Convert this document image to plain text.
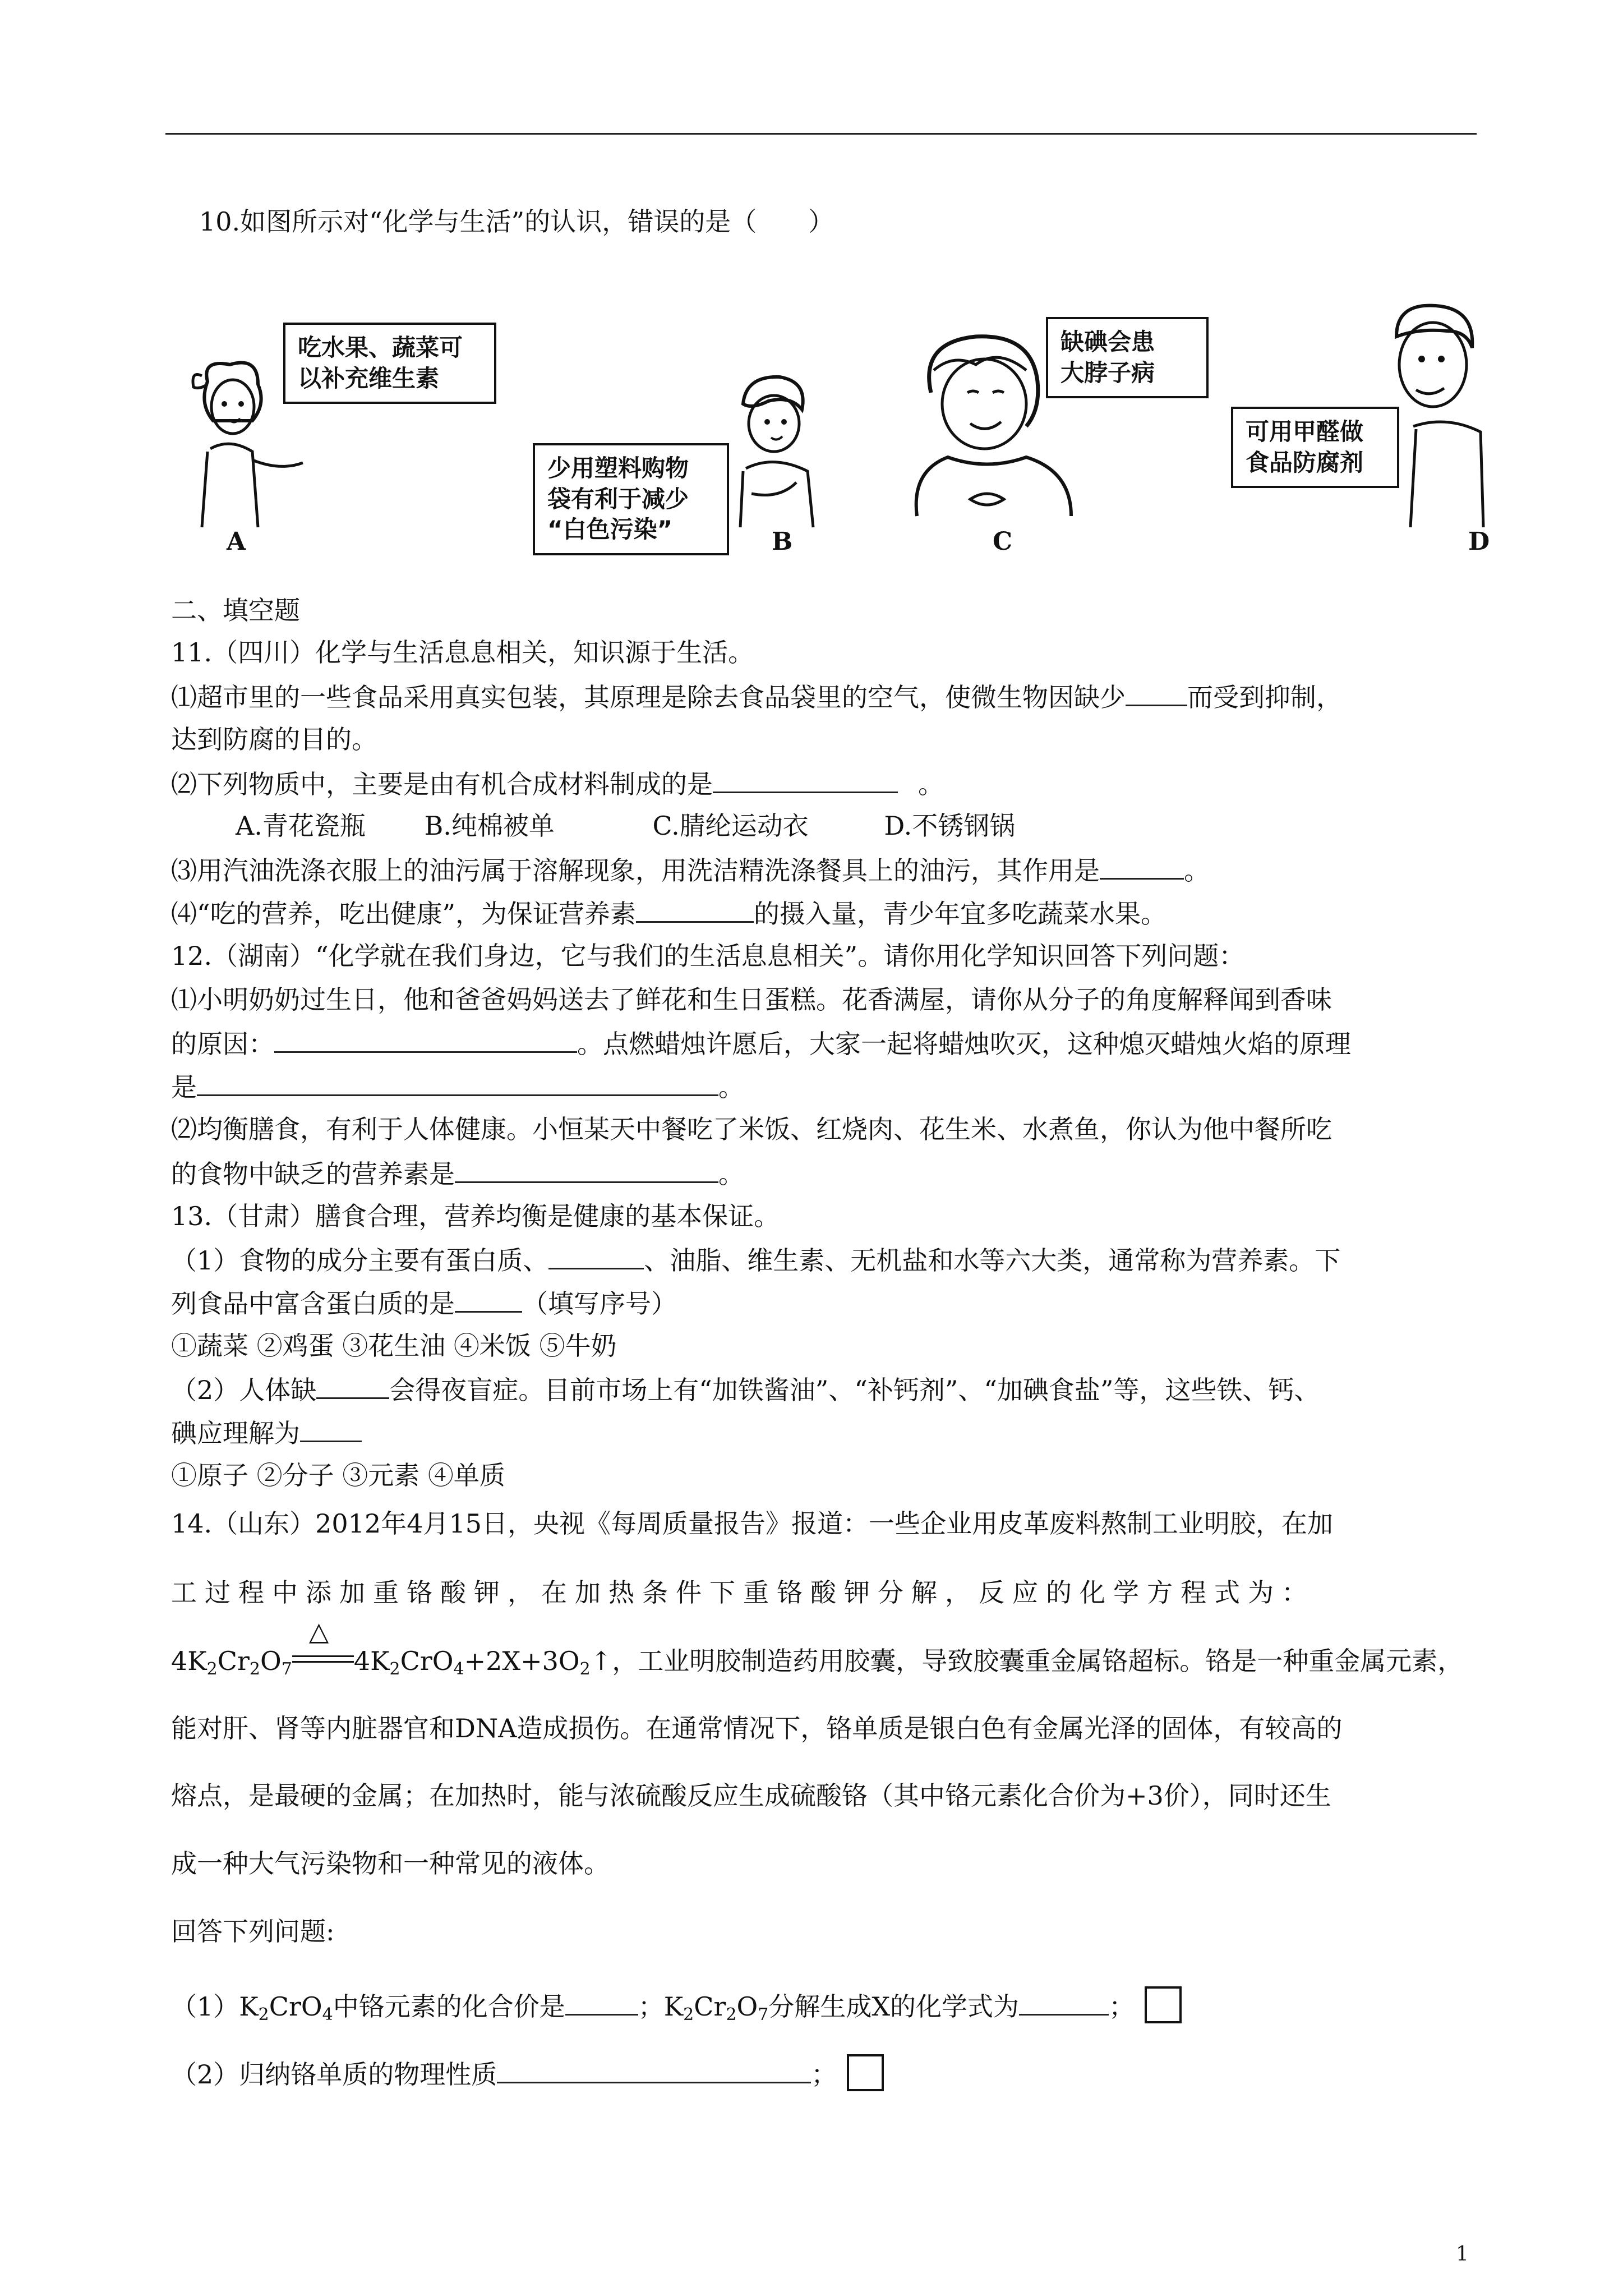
10.如图所示对“化学与生活”的认识，错误的是（　　）
吃水果、蔬菜可
以补充维生素
A
少用塑料购物
袋有利于减少
“白色污染”	B
缺碘会患
大脖子病
C
可用甲醛做
食品防腐剂
D
二、填空题
11.（四川）化学与生活息息相关，知识源于生活。
⑴超市里的一些食品采用真实包装，其原理是除去食品袋里的空气，使微生物因缺少 而受到抑制，
达到防腐的目的。
⑵下列物质中，主要是由有机合成材料制成的是	。
A.青花瓷瓶 B.纯棉被单	C.腈纶运动衣	D.不锈钢锅
⑶用汽油洗涤衣服上的油污属于溶解现象，用洗洁精洗涤餐具上的油污，其作用是	。
⑷“吃的营养，吃出健康”，为保证营养素	的摄入量，青少年宜多吃蔬菜水果。
12.（湖南）“化学就在我们身边，它与我们的生活息息相关”。请你用化学知识回答下列问题：
⑴小明奶奶过生日，他和爸爸妈妈送去了鲜花和生日蛋糕。花香满屋，请你从分子的角度解释闻到香味
的原因：	。点燃蜡烛许愿后，大家一起将蜡烛吹灭，这种熄灭蜡烛火焰的原理
是	。
⑵均衡膳食，有利于人体健康。小恒某天中餐吃了米饭、红烧肉、花生米、水煮鱼，你认为他中餐所吃
的食物中缺乏的营养素是	。
13.（甘肃）膳食合理，营养均衡是健康的基本保证。
（1）食物的成分主要有蛋白质、	、油脂、维生素、无机盐和水等六大类，通常称为营养素。下
列食品中富含蛋白质的是	（填写序号）
①蔬菜 ②鸡蛋 ③花生油 ④米饭 ⑤牛奶
（2）人体缺	会得夜盲症。目前市场上有“加铁酱油”、“补钙剂”、“加碘食盐”等，这些铁、钙、
碘应理解为
①原子 ②分子 ③元素 ④单质
14.（山东）2012年4月15日，央视《每周质量报告》报道：一些企业用皮革废料熬制工业明胶，在加
工过程中添加重铬酸钾，在加热条件下重铬酸钾分解，反应的化学方程式为：
$4K_2Cr_2O_7$
△
$4K_2CrO_4+2X+3O_2↑$，工业明胶制造药用胶囊，导致胶囊重金属铬超标。铬是一种重金属元素，
能对肝、肾等内脏器官和DNA造成损伤。在通常情况下，铬单质是银白色有金属光泽的固体，有较高的
熔点，是最硬的金属；在加热时，能与浓硫酸反应生成硫酸铬（其中铬元素化合价为+3价），同时还生
成一种大气污染物和一种常见的液体。
回答下列问题:
$(1)K_2CrO_4$中铬元素的化合价是	；$K_2Cr_2O_7$分解生成X的化学式为	；
（2）归纳铬单质的物理性质	；
1
